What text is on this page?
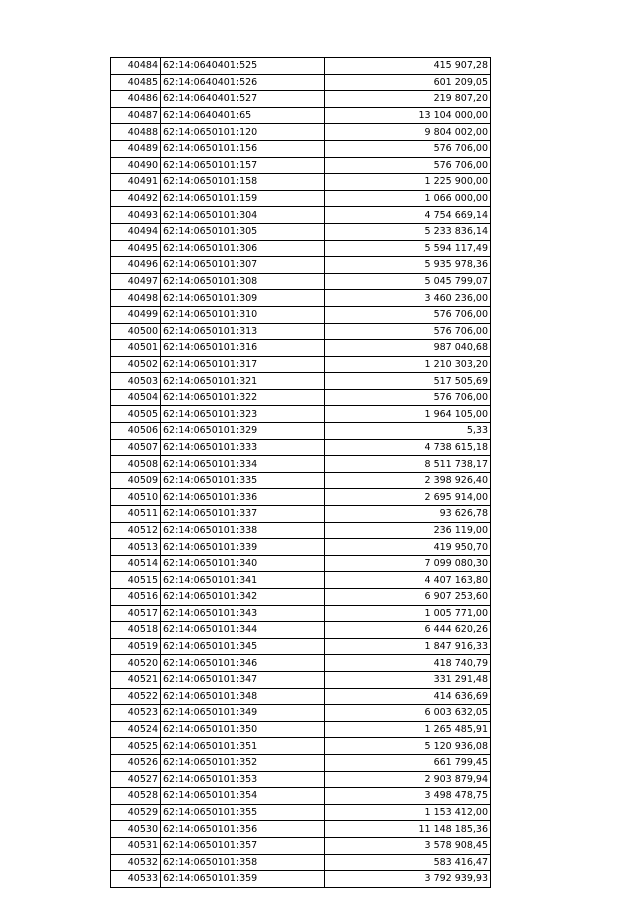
40484	62:14:0640401:525	415 907,28
40485	62:14:0640401:526	601 209,05
40486	62:14:0640401:527	219 807,20
40487	62:14:0640401:65	13 104 000,00
40488	62:14:0650101:120	9 804 002,00
40489	62:14:0650101:156	576 706,00
40490	62:14:0650101:157	576 706,00
40491	62:14:0650101:158	1 225 900,00
40492	62:14:0650101:159	1 066 000,00
40493	62:14:0650101:304	4 754 669,14
40494	62:14:0650101:305	5 233 836,14
40495	62:14:0650101:306	5 594 117,49
40496	62:14:0650101:307	5 935 978,36
40497	62:14:0650101:308	5 045 799,07
40498	62:14:0650101:309	3 460 236,00
40499	62:14:0650101:310	576 706,00
40500	62:14:0650101:313	576 706,00
40501	62:14:0650101:316	987 040,68
40502	62:14:0650101:317	1 210 303,20
40503	62:14:0650101:321	517 505,69
40504	62:14:0650101:322	576 706,00
40505	62:14:0650101:323	1 964 105,00
40506	62:14:0650101:329	5,33
40507	62:14:0650101:333	4 738 615,18
40508	62:14:0650101:334	8 511 738,17
40509	62:14:0650101:335	2 398 926,40
40510	62:14:0650101:336	2 695 914,00
40511	62:14:0650101:337	93 626,78
40512	62:14:0650101:338	236 119,00
40513	62:14:0650101:339	419 950,70
40514	62:14:0650101:340	7 099 080,30
40515	62:14:0650101:341	4 407 163,80
40516	62:14:0650101:342	6 907 253,60
40517	62:14:0650101:343	1 005 771,00
40518	62:14:0650101:344	6 444 620,26
40519	62:14:0650101:345	1 847 916,33
40520	62:14:0650101:346	418 740,79
40521	62:14:0650101:347	331 291,48
40522	62:14:0650101:348	414 636,69
40523	62:14:0650101:349	6 003 632,05
40524	62:14:0650101:350	1 265 485,91
40525	62:14:0650101:351	5 120 936,08
40526	62:14:0650101:352	661 799,45
40527	62:14:0650101:353	2 903 879,94
40528	62:14:0650101:354	3 498 478,75
40529	62:14:0650101:355	1 153 412,00
40530	62:14:0650101:356	11 148 185,36
40531	62:14:0650101:357	3 578 908,45
40532	62:14:0650101:358	583 416,47
40533	62:14:0650101:359	3 792 939,93
